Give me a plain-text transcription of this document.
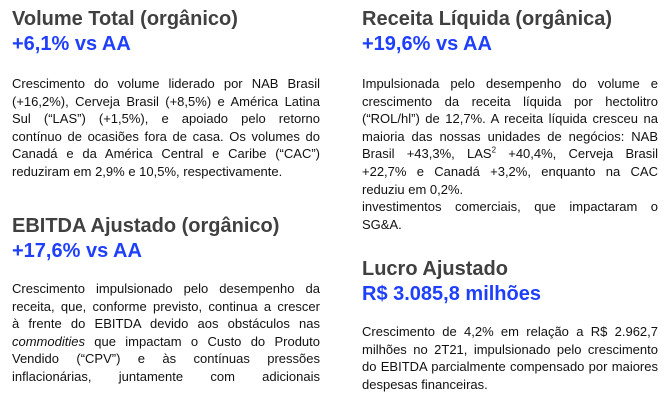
Volume Total (orgânico)
+6,1% vs AA
Crescimento do volume liderado por NAB Brasil
(+16,2%), Cerveja Brasil (+8,5%) e América Latina
Sul (“LAS”) (+1,5%), e apoiado pelo retorno
contínuo de ocasiões fora de casa. Os volumes do
Canadá e da América Central e Caribe (“CAC”)
reduziram em 2,9% e 10,5%, respectivamente.
EBITDA Ajustado (orgânico)
+17,6% vs AA
Crescimento impulsionado pelo desempenho da
receita, que, conforme previsto, continua a crescer
à frente do EBITDA devido aos obstáculos nas
commodities que impactam o Custo do Produto
Vendido (“CPV”) e às contínuas pressões
inflacionárias, juntamente com adicionais
Receita Líquida (orgânica)
+19,6% vs AA
Impulsionada pelo desempenho do volume e
crescimento da receita líquida por hectolitro
(“ROL/hl”) de 12,7%. A receita líquida cresceu na
maioria das nossas unidades de negócios: NAB
Brasil +43,3%, $LAS^2 +40,4\%$, Cerveja Brasil
+22,7% e Canadá +3,2%, enquanto na CAC
reduziu em 0,2%.
investimentos comerciais, que impactaram o
SG&A.
Lucro Ajustado
R$ 3.085,8 milhões
Crescimento de 4,2% em relação a R$ 2.962,7
milhões no 2T21, impulsionado pelo crescimento
do EBITDA parcialmente compensado por maiores
despesas financeiras.
